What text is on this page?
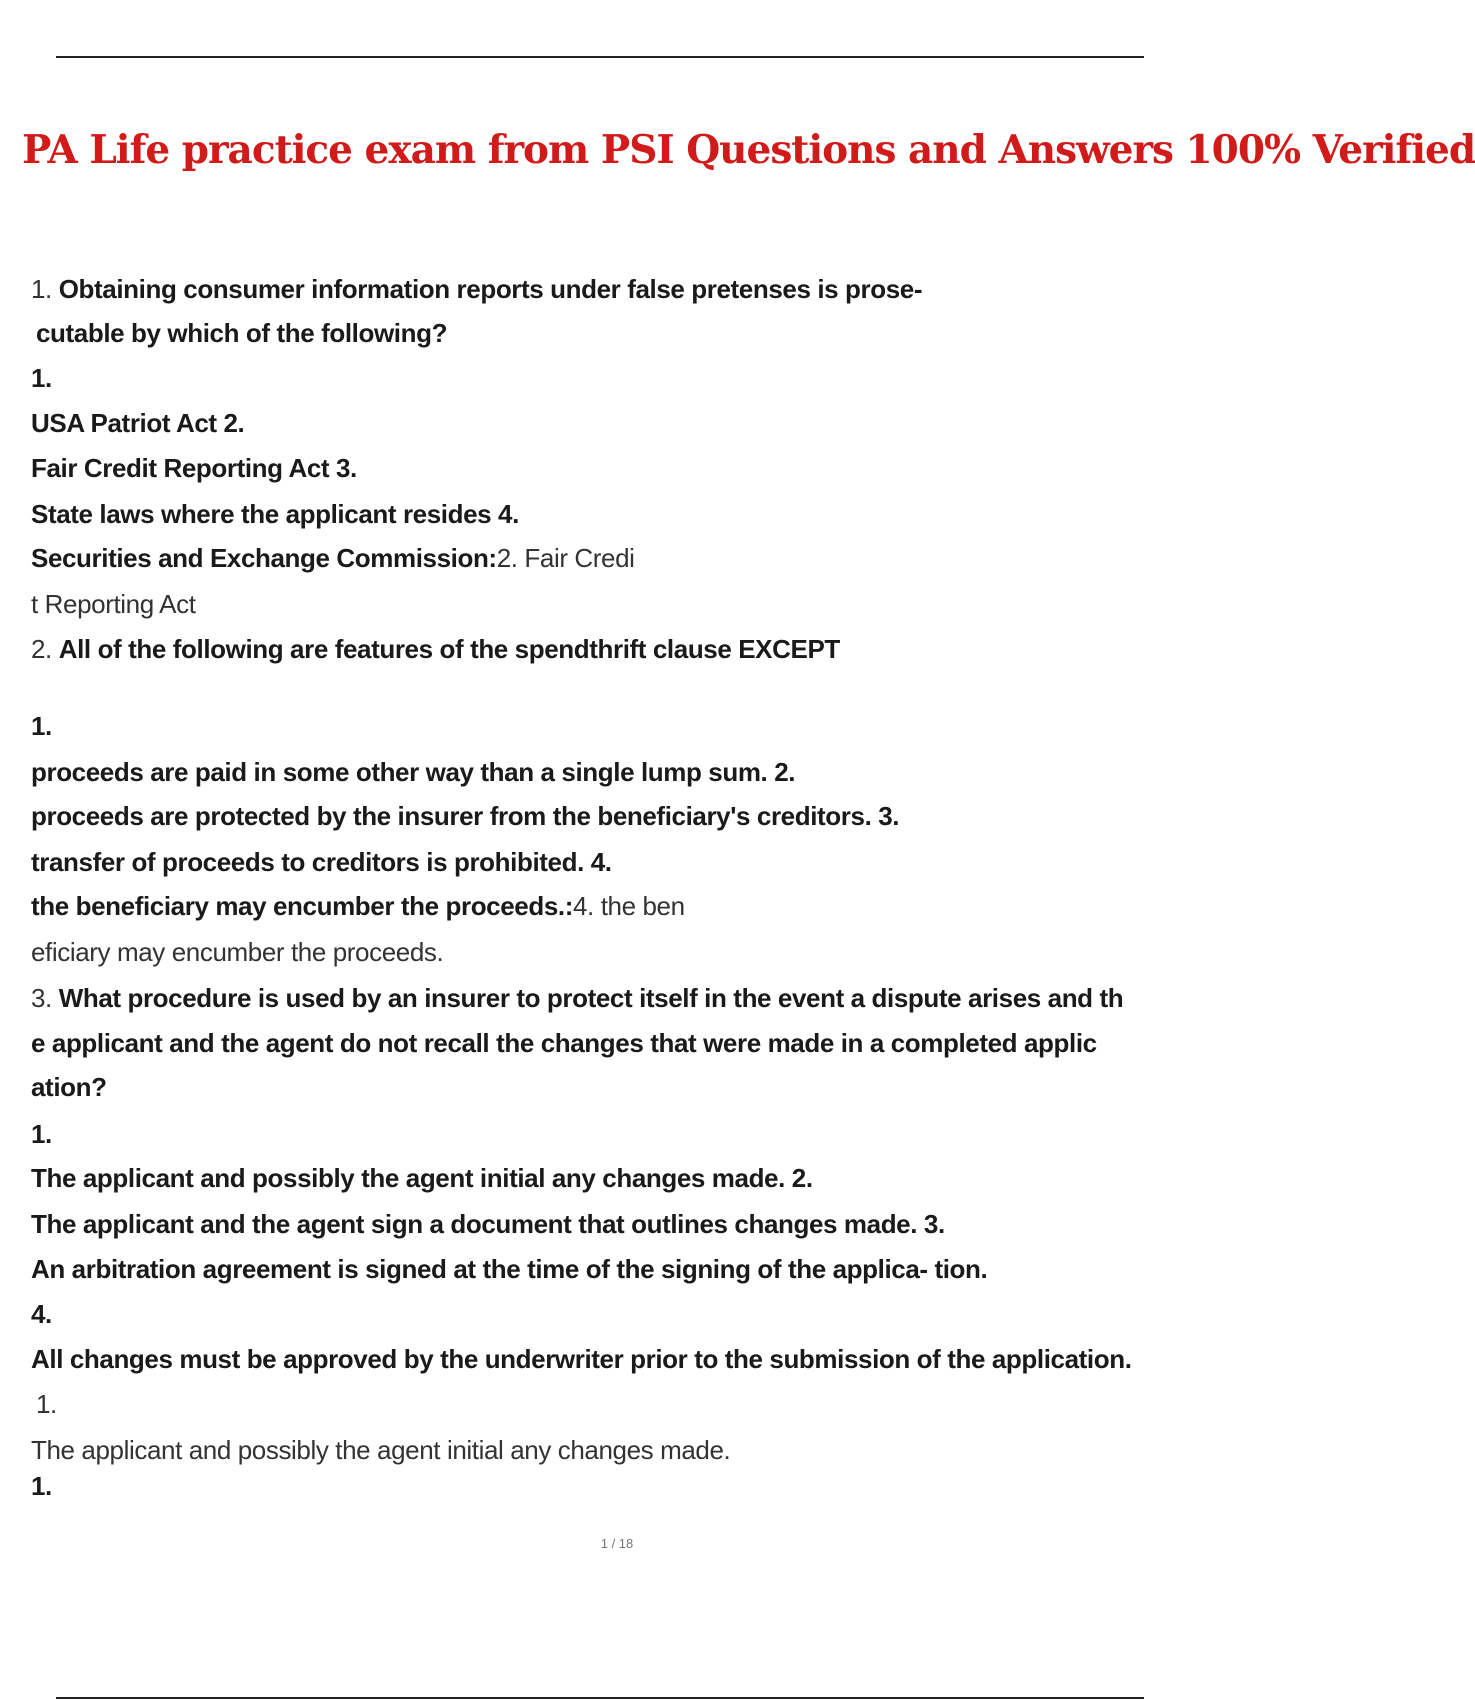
PA Life practice exam from PSI Questions and Answers 100% Verified
1. Obtaining consumer information reports under false pretenses is prose-
cutable by which of the following?
1.
USA Patriot Act 2.
Fair Credit Reporting Act 3.
State laws where the applicant resides 4.
Securities and Exchange Commission:2. Fair Credi
t Reporting Act
2. All of the following are features of the spendthrift clause EXCEPT
1.
proceeds are paid in some other way than a single lump sum. 2.
proceeds are protected by the insurer from the beneficiary's creditors. 3.
transfer of proceeds to creditors is prohibited. 4.
the beneficiary may encumber the proceeds.:4. the ben
eficiary may encumber the proceeds.
3. What procedure is used by an insurer to protect itself in the event a dispute arises and th
e applicant and the agent do not recall the changes that were made in a completed applic
ation?
1.
The applicant and possibly the agent initial any changes made. 2.
The applicant and the agent sign a document that outlines changes made. 3.
An arbitration agreement is signed at the time of the signing of the applica- tion.
4.
All changes must be approved by the underwriter prior to the submission of the application.
1.
The applicant and possibly the agent initial any changes made.
1.
1 / 18
